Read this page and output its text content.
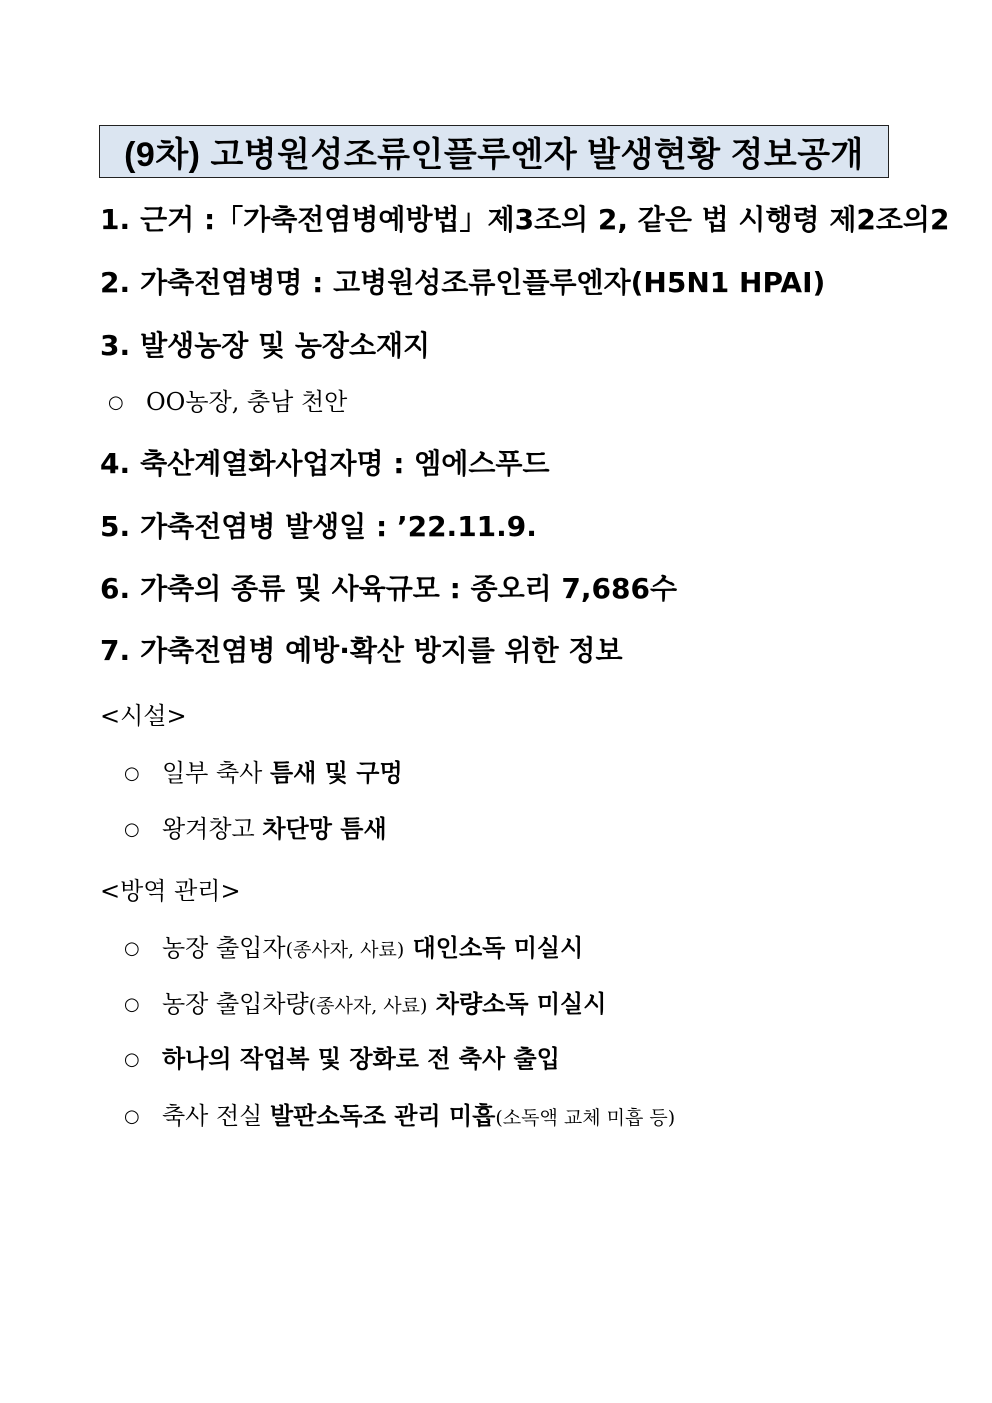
(9차) 고병원성조류인플루엔자 발생현황 정보공개
1. 근거 :「가축전염병예방법」제3조의 2, 같은 법 시행령 제2조의2
2. 가축전염병명 : 고병원성조류인플루엔자(H5N1 HPAI)
3. 발생농장 및 농장소재지
○ OO농장, 충남 천안
4. 축산계열화사업자명 : 엠에스푸드
5. 가축전염병 발생일 : ’22.11.9.
6. 가축의 종류 및 사육규모 : 종오리 7,686수
7. 가축전염병 예방·확산 방지를 위한 정보
<시설>
○ 일부 축사 틈새 및 구멍
○ 왕겨창고 차단망 틈새
<방역 관리>
○ 농장 출입자(종사자, 사료) 대인소독 미실시
○ 농장 출입차량(종사자, 사료) 차량소독 미실시
○ 하나의 작업복 및 장화로 전 축사 출입
○ 축사 전실 발판소독조 관리 미흡(소독액 교체 미흡 등)
